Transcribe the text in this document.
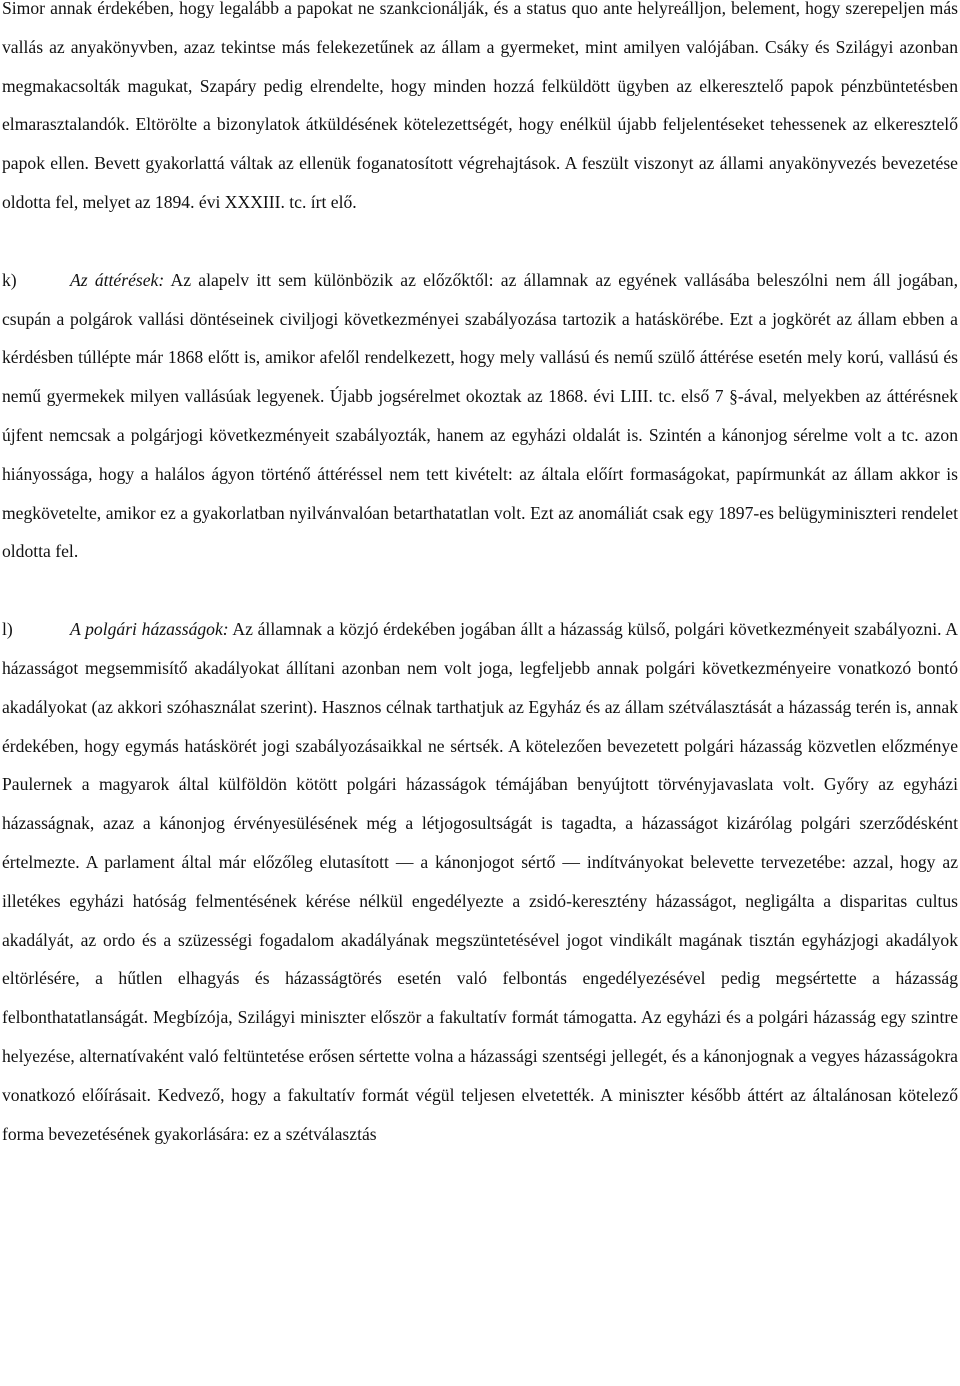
Simor annak érdekében, hogy legalább a papokat ne szankcionálják, és a status quo ante helyreálljon, belement, hogy szerepeljen más vallás az anyakönyvben, azaz tekintse más felekezetűnek az állam a gyermeket, mint amilyen valójában. Csáky és Szilágyi azonban megmakacsolták magukat, Szapáry pedig elrendelte, hogy minden hozzá felküldött ügyben az elkeresztelő papok pénzbüntetésben elmarasztalandók. Eltörölte a bizonylatok átküldésének kötelezettségét, hogy enélkül újabb feljelentéseket tehessenek az elkeresztelő papok ellen. Bevett gyakorlattá váltak az ellenük foganatosított végrehajtások. A feszült viszonyt az állami anyakönyvezés bevezetése oldotta fel, melyet az 1894. évi XXXIII. tc. írt elő.

k)	Az áttérések: Az alapelv itt sem különbözik az előzőktől: az államnak az egyének vallásába beleszólni nem áll jogában, csupán a polgárok vallási döntéseinek civiljogi következményei szabályozása tartozik a hatáskörébe. Ezt a jogkörét az állam ebben a kérdésben túllépte már 1868 előtt is, amikor afelől rendelkezett, hogy mely vallású és nemű szülő áttérése esetén mely korú, vallású és nemű gyermekek milyen vallásúak legyenek. Újabb jogsérelmet okoztak az 1868. évi LIII. tc. első 7 §-ával, melyekben az áttérésnek újfent nemcsak a polgárjogi következményeit szabályozták, hanem az egyházi oldalát is. Szintén a kánonjog sérelme volt a tc. azon hiányossága, hogy a halálos ágyon történő áttéréssel nem tett kivételt: az általa előírt formaságokat, papírmunkát az állam akkor is megkövetelte, amikor ez a gyakorlatban nyilvánvalóan betarthatatlan volt. Ezt az anomáliát csak egy 1897-es belügyminiszteri rendelet oldotta fel.

l)	A polgári házasságok: Az államnak a közjó érdekében jogában állt a házasság külső, polgári következményeit szabályozni. A házasságot megsemmisítő akadályokat állítani azonban nem volt joga, legfeljebb annak polgári következményeire vonatkozó bontó akadályokat (az akkori szóhasználat szerint). Hasznos célnak tarthatjuk az Egyház és az állam szétválasztását a házasság terén is, annak érdekében, hogy egymás hatáskörét jogi szabályozásaikkal ne sértsék. A kötelezően bevezetett polgári házasság közvetlen előzménye Paulernek a magyarok által külföldön kötött polgári házasságok témájában benyújtott törvényjavaslata volt. Győry az egyházi házasságnak, azaz a kánonjog érvényesülésének még a létjogosultságát is tagadta, a házasságot kizárólag polgári szerződésként értelmezte. A parlament által már előzőleg elutasított — a kánonjogot sértő — indítványokat belevette tervezetébe: azzal, hogy az illetékes egyházi hatóság felmentésének kérése nélkül engedélyezte a zsidó-keresztény házasságot, negligálta a disparitas cultus akadályát, az ordo és a szüzességi fogadalom akadályának megszüntetésével jogot vindikált magának tisztán egyházjogi akadályok eltörlésére, a hűtlen elhagyás és házasságtörés esetén való felbontás engedélyezésével pedig megsértette a házasság felbonthatatlanságát. Megbízója, Szilágyi miniszter először a fakultatív formát támogatta. Az egyházi és a polgári házasság egy szintre helyezése, alternatívaként való feltüntetése erősen sértette volna a házassági szentségi jellegét, és a kánonjognak a vegyes házasságokra vonatkozó előírásait. Kedvező, hogy a fakultatív formát végül teljesen elvetették. A miniszter később áttért az általánosan kötelező forma bevezetésének gyakorlására: ez a szétválasztás
